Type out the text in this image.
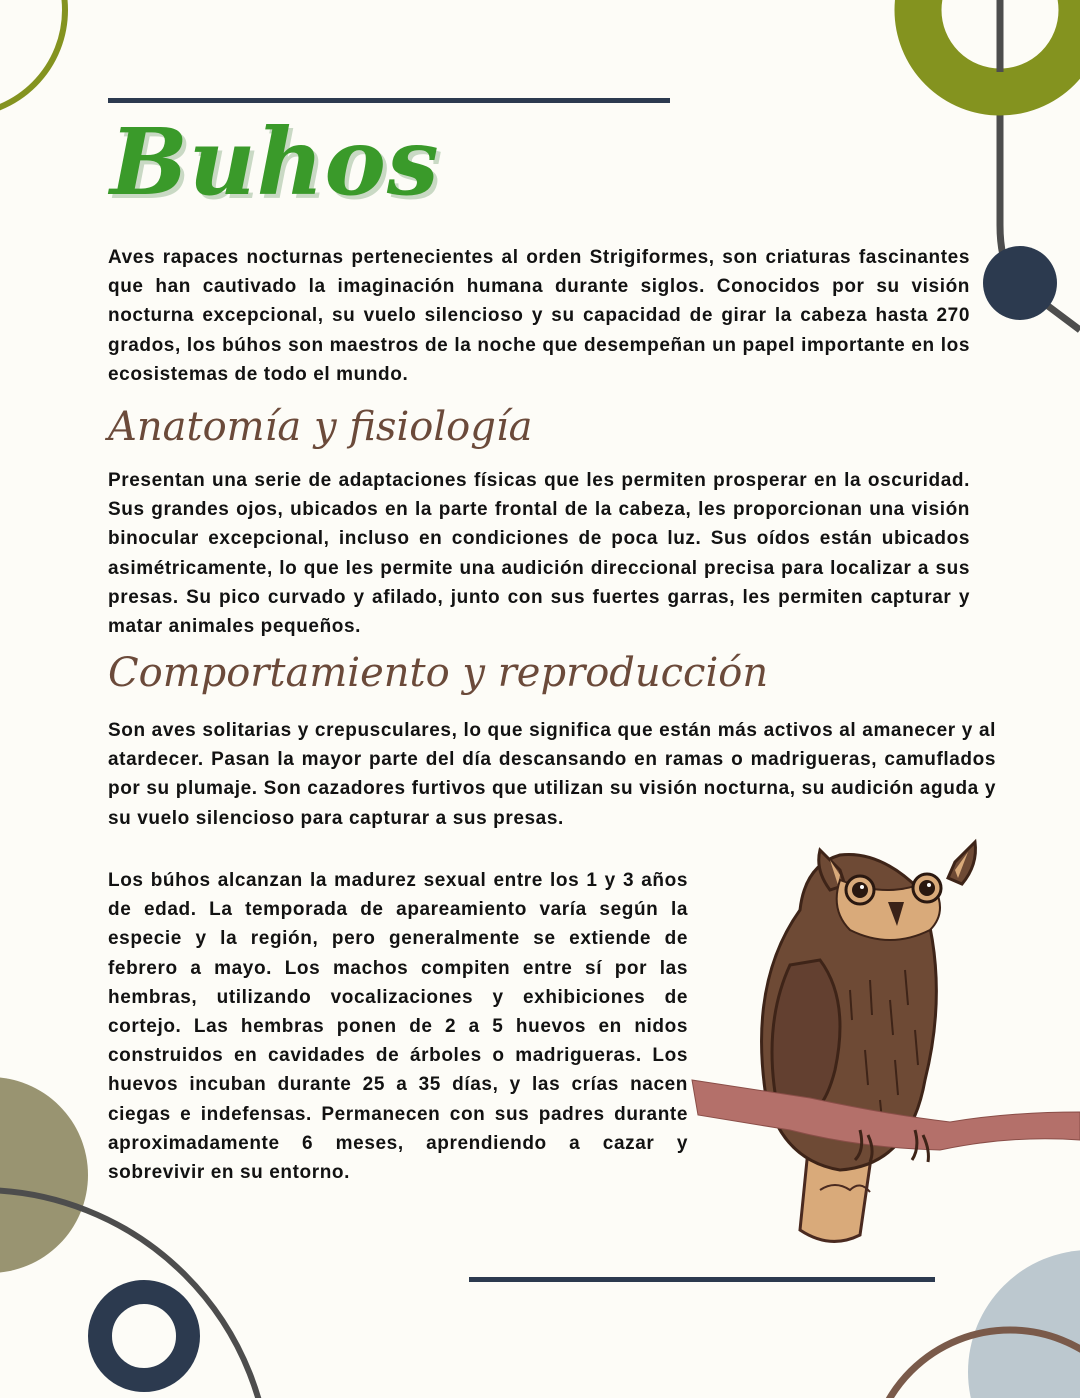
Buhos

Aves rapaces nocturnas pertenecientes al orden Strigiformes, son criaturas fascinantes que han cautivado la imaginación humana durante siglos. Conocidos por su visión nocturna excepcional, su vuelo silencioso y su capacidad de girar la cabeza hasta 270 grados, los búhos son maestros de la noche que desempeñan un papel importante en los ecosistemas de todo el mundo.

Anatomía y fisiología

Presentan una serie de adaptaciones físicas que les permiten prosperar en la oscuridad. Sus grandes ojos, ubicados en la parte frontal de la cabeza, les proporcionan una visión binocular excepcional, incluso en condiciones de poca luz. Sus oídos están ubicados asimétricamente, lo que les permite una audición direccional precisa para localizar a sus presas. Su pico curvado y afilado, junto con sus fuertes garras, les permiten capturar y matar animales pequeños.

Comportamiento y reproducción

Son aves solitarias y crepusculares, lo que significa que están más activos al amanecer y al atardecer. Pasan la mayor parte del día descansando en ramas o madrigueras, camuflados por su plumaje. Son cazadores furtivos que utilizan su visión nocturna, su audición aguda y su vuelo silencioso para capturar a sus presas.

Los búhos alcanzan la madurez sexual entre los 1 y 3 años de edad. La temporada de apareamiento varía según la especie y la región, pero generalmente se extiende de febrero a mayo. Los machos compiten entre sí por las hembras, utilizando vocalizaciones y exhibiciones de cortejo. Las hembras ponen de 2 a 5 huevos en nidos construidos en cavidades de árboles o madrigueras. Los huevos incuban durante 25 a 35 días, y las crías nacen ciegas e indefensas. Permanecen con sus padres durante aproximadamente 6 meses, aprendiendo a cazar y sobrevivir en su entorno.
